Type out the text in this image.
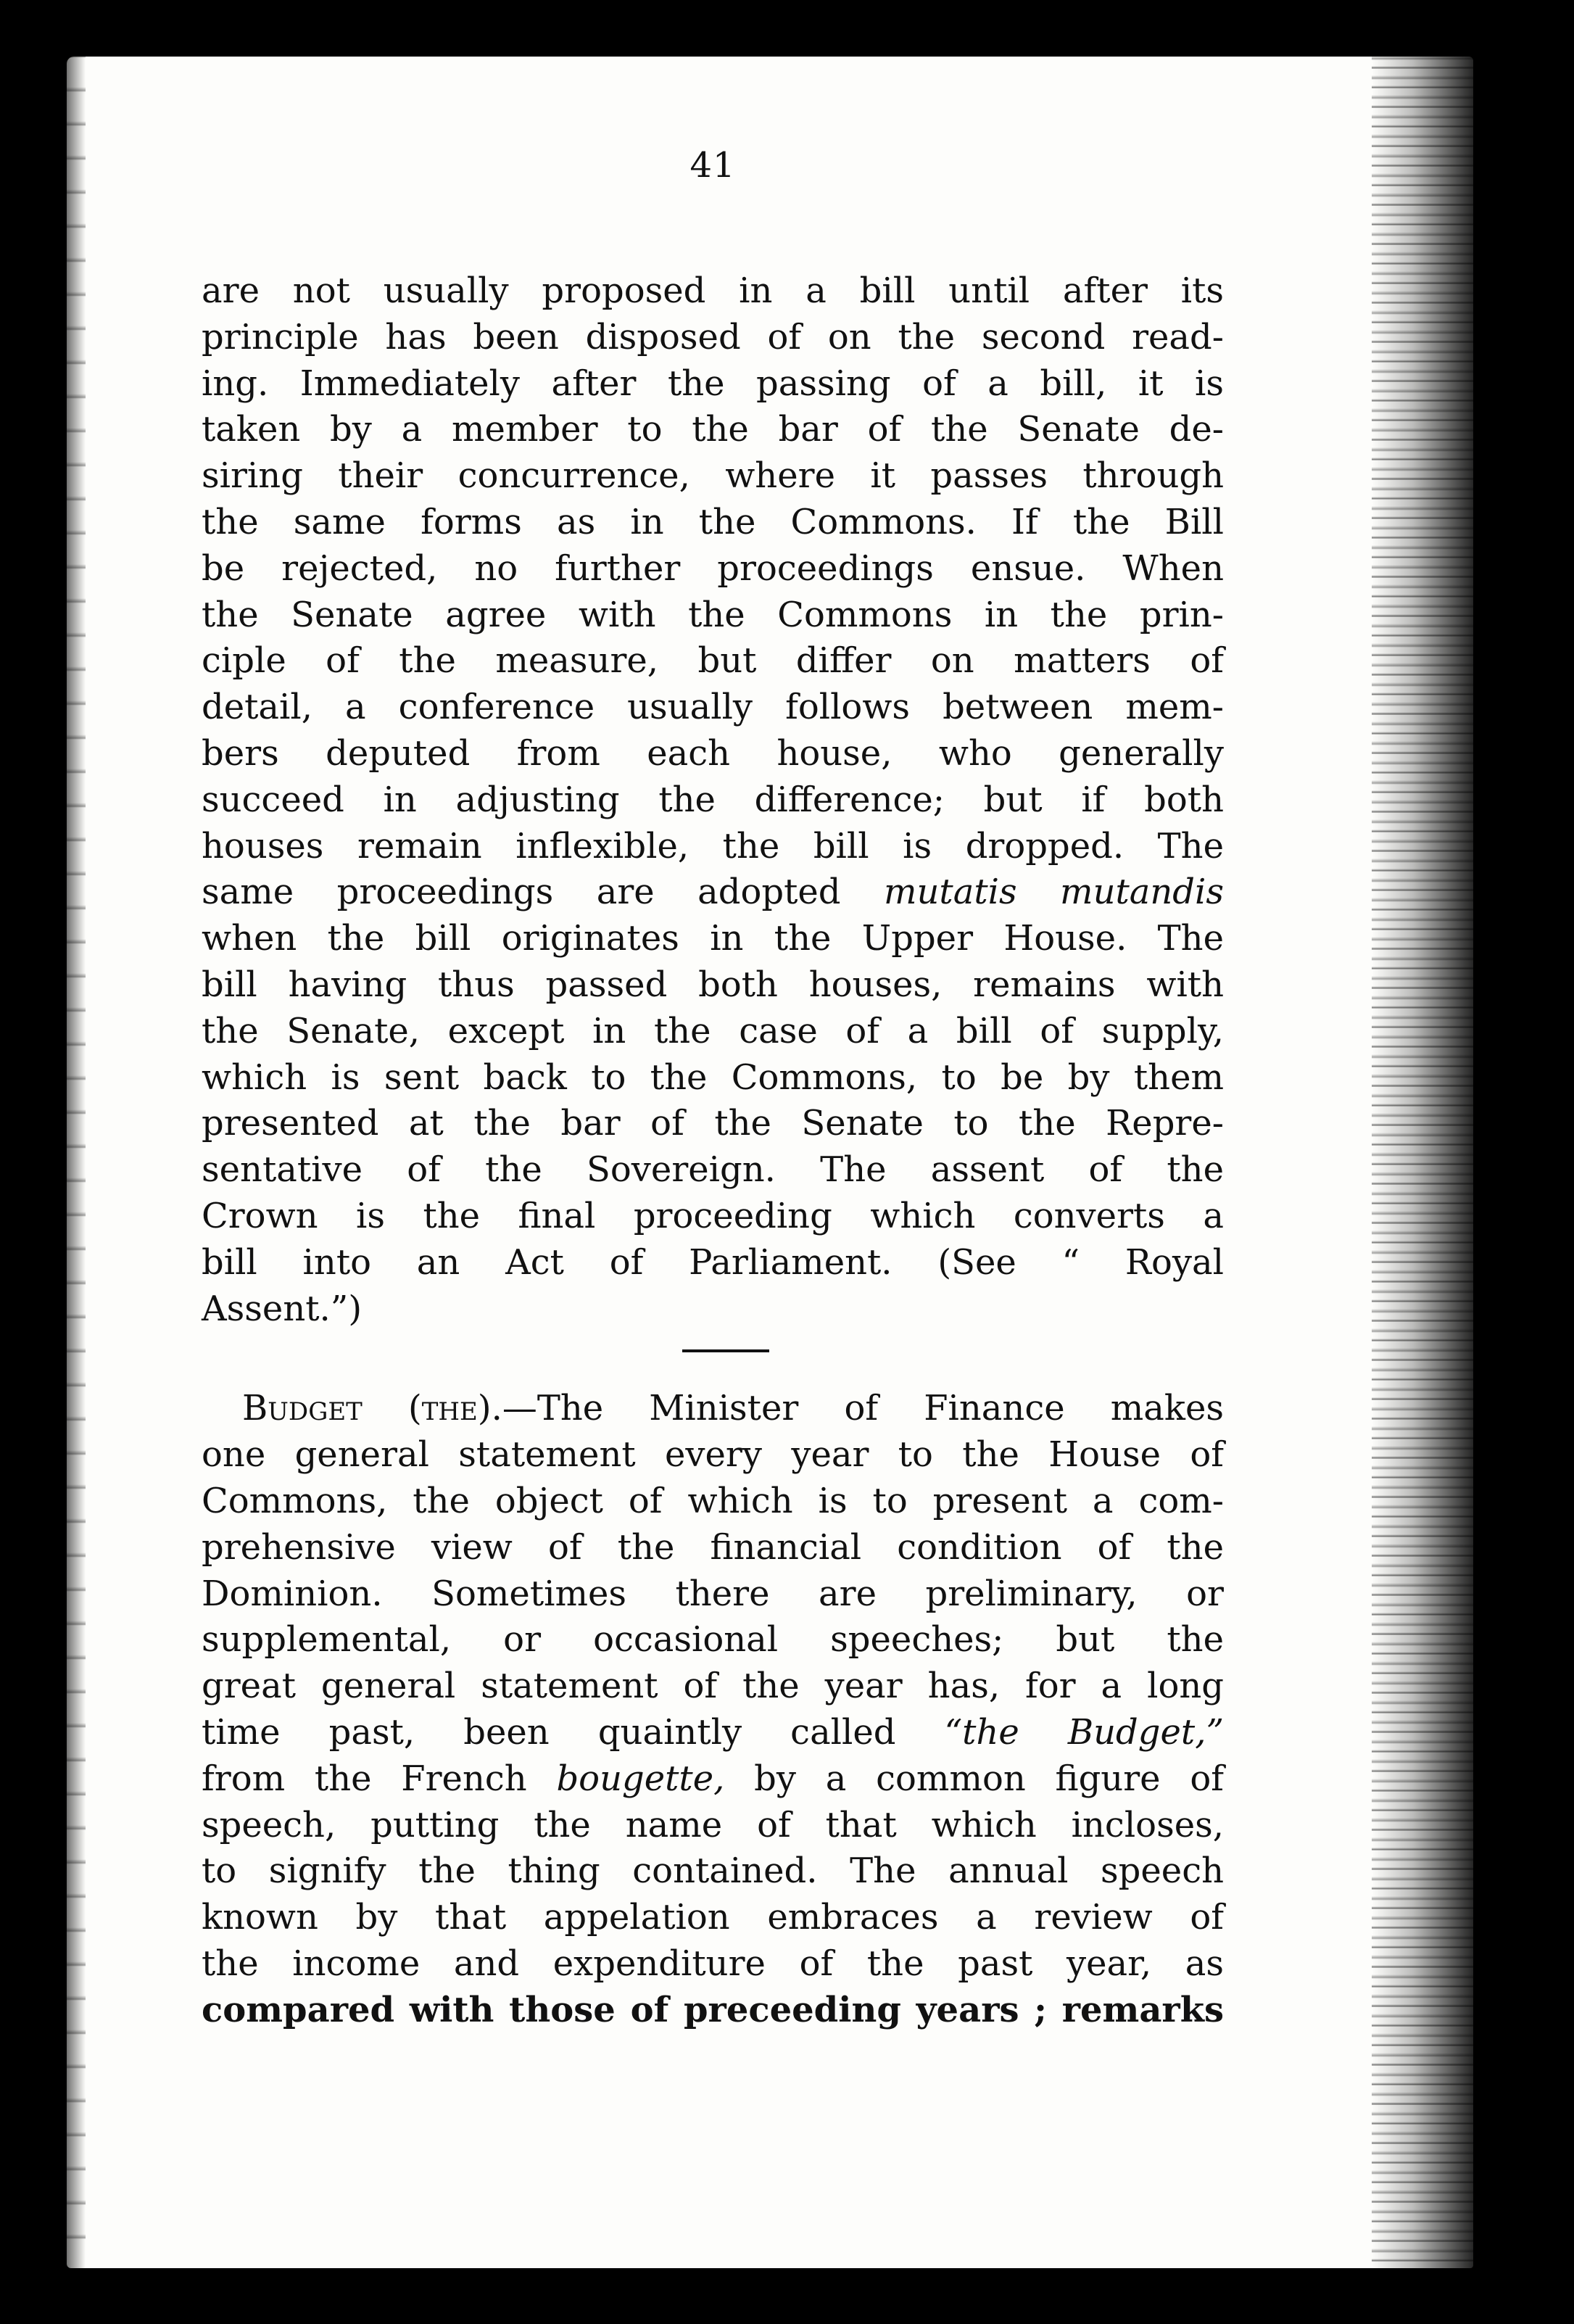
41

are not usually proposed in a bill until after its
principle has been disposed of on the second read-
ing. Immediately after the passing of a bill, it is
taken by a member to the bar of the Senate de-
siring their concurrence, where it passes through
the same forms as in the Commons. If the Bill
be rejected, no further proceedings ensue. When
the Senate agree with the Commons in the prin-
ciple of the measure, but differ on matters of
detail, a conference usually follows between mem-
bers deputed from each house, who generally
succeed in adjusting the difference; but if both
houses remain inflexible, the bill is dropped. The
same proceedings are adopted mutatis mutandis
when the bill originates in the Upper House. The
bill having thus passed both houses, remains with
the Senate, except in the case of a bill of supply,
which is sent back to the Commons, to be by them
presented at the bar of the Senate to the Repre-
sentative of the Sovereign. The assent of the
Crown is the final proceeding which converts a
bill into an Act of Parliament. (See “ Royal
Assent.”)

Budget (the).—The Minister of Finance makes
one general statement every year to the House of
Commons, the object of which is to present a com-
prehensive view of the financial condition of the
Dominion. Sometimes there are preliminary, or
supplemental, or occasional speeches; but the
great general statement of the year has, for a long
time past, been quaintly called “the Budget,”
from the French bougette, by a common figure of
speech, putting the name of that which incloses,
to signify the thing contained. The annual speech
known by that appelation embraces a review of
the income and expenditure of the past year, as
compared with those of preceeding years ; remarks
